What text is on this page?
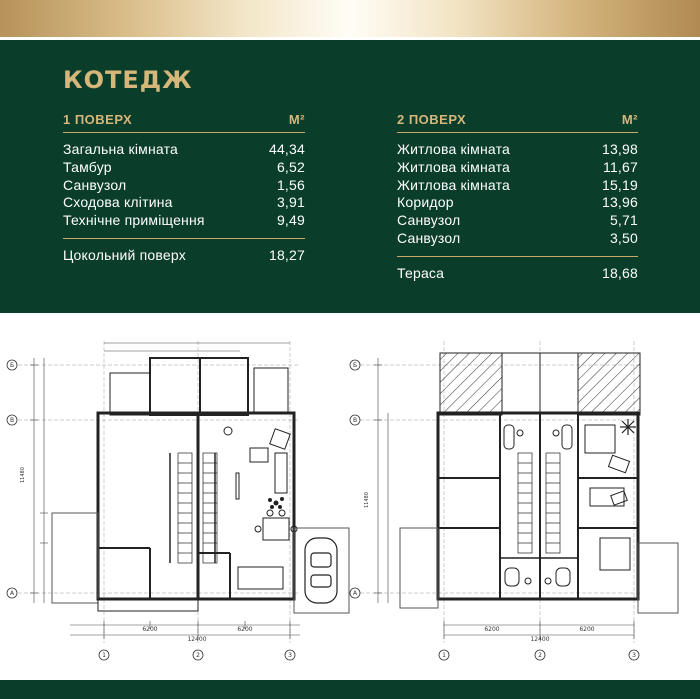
КОТЕДЖ
1 ПОВЕРХ	М²
Загальна кімната	44,34
Тамбур	6,52
Санвузол	1,56
Сходова клітина	3,91
Технічне приміщення	9,49
Цокольний поверх	18,27
2 ПОВЕРХ	М²
Житлова кімната	13,98
Житлова кімната	11,67
Житлова кімната	15,19
Коридор	13,96
Санвузол	5,71
Санвузол	3,50
Тераса	18,68
Б
В
А
1	2	3
12400
6200	6200
11480
Б
В
А
1	2	3
12400
6200	6200
11480
